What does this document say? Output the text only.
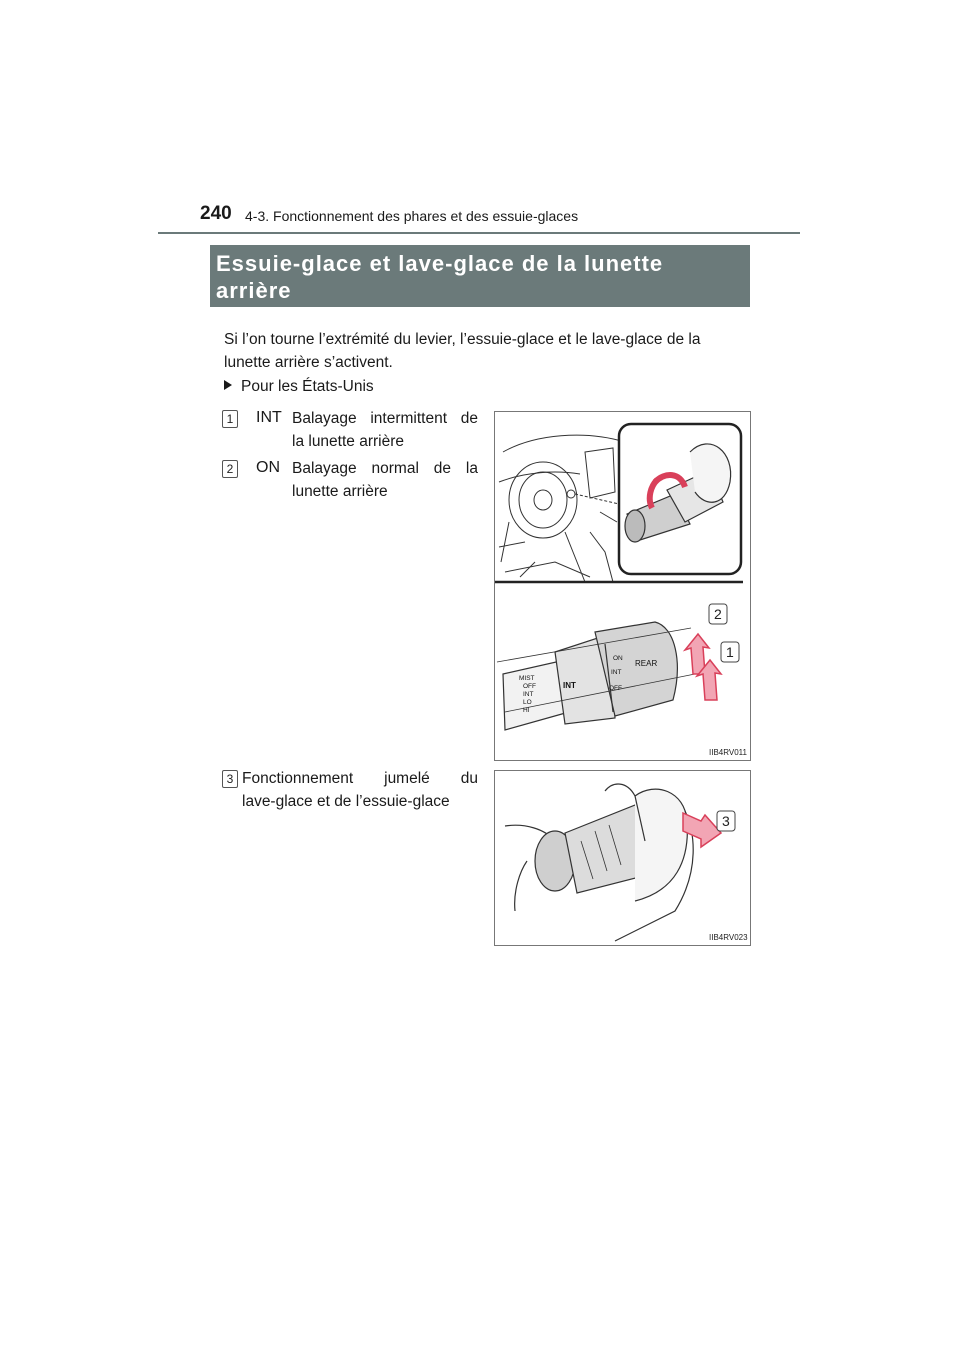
240 4-3. Fonctionnement des phares et des essuie-glaces
Essuie-glace et lave-glace de la lunette
arrière
Si l’on tourne l’extrémité du levier, l’essuie-glace et le lave-glace de la
lunette arrière s’activent.
Pour les États-Unis
1 INT Balayage intermittent de
la lunette arrière
2 ON Balayage normal de la
lunette arrière
3 Fonctionnement jumelé du
lave-glace et de l’essuie-glace
MIST
OFF
INT
LO
HI
INT
ON
INT
OFF
REAR
2
1
IIB4RV011
3
IIB4RV023
